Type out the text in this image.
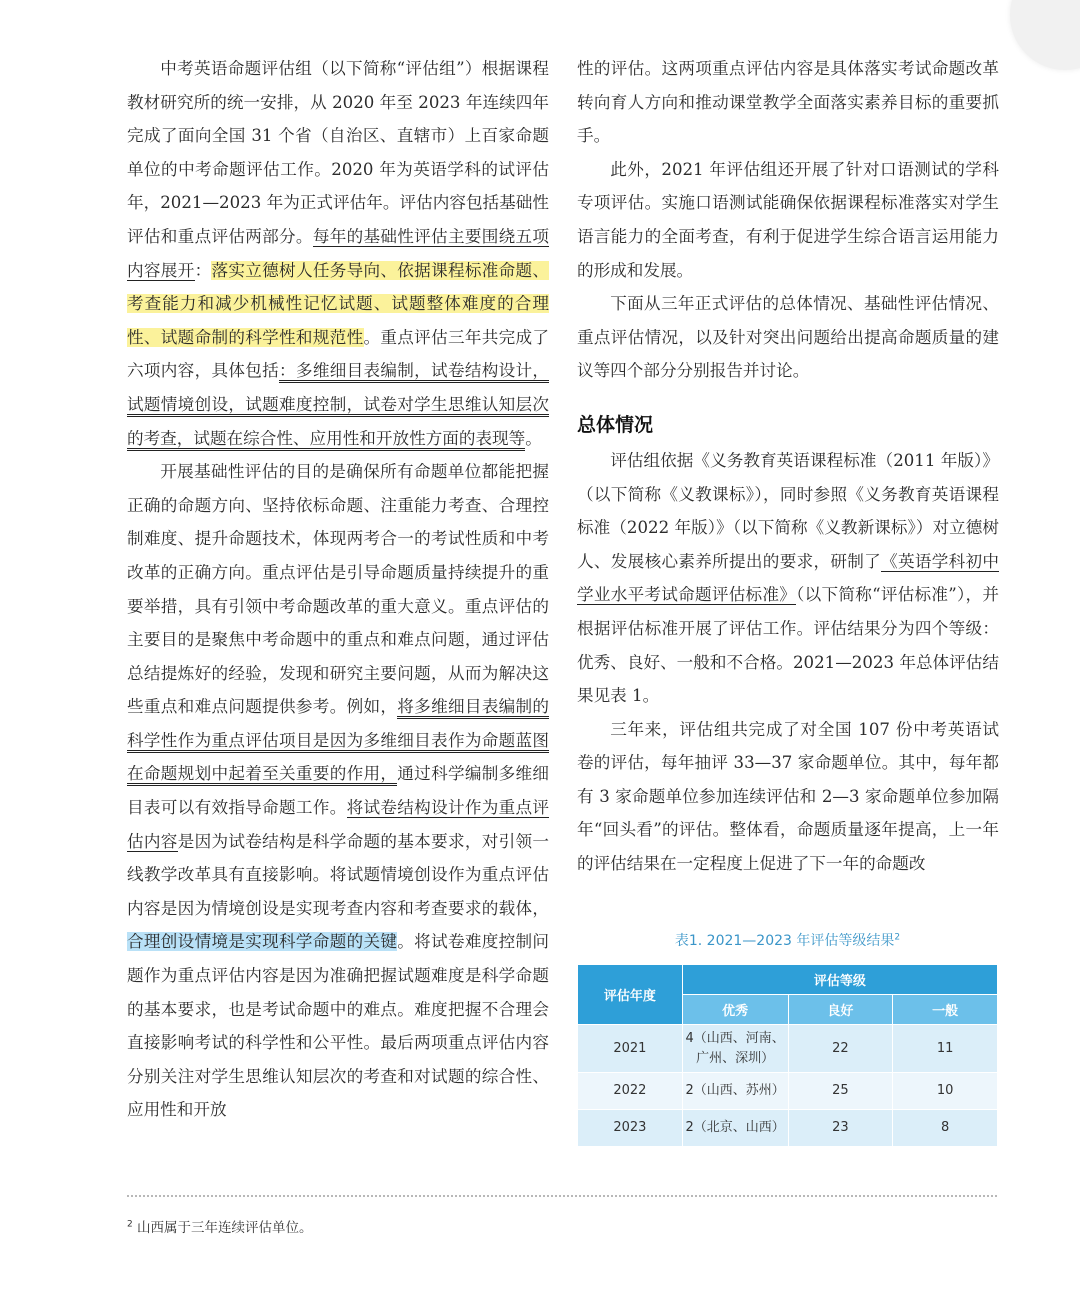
中考英语命题评估组（以下简称“评估组”）根据课程教材研究所的统一安排，从 2020 年至 2023 年连续四年完成了面向全国 31 个省（自治区、直辖市）上百家命题单位的中考命题评估工作。2020 年为英语学科的试评估年，2021—2023 年为正式评估年。评估内容包括基础性评估和重点评估两部分。每年的基础性评估主要围绕五项内容展开：落实立德树人任务导向、依据课程标准命题、考查能力和减少机械性记忆试题、试题整体难度的合理性、试题命制的科学性和规范性。重点评估三年共完成了六项内容，具体包括：多维细目表编制，试卷结构设计，试题情境创设，试题难度控制，试卷对学生思维认知层次的考查，试题在综合性、应用性和开放性方面的表现等。

开展基础性评估的目的是确保所有命题单位都能把握正确的命题方向、坚持依标命题、注重能力考查、合理控制难度、提升命题技术，体现两考合一的考试性质和中考改革的正确方向。重点评估是引导命题质量持续提升的重要举措，具有引领中考命题改革的重大意义。重点评估的主要目的是聚焦中考命题中的重点和难点问题，通过评估总结提炼好的经验，发现和研究主要问题，从而为解决这些重点和难点问题提供参考。例如，将多维细目表编制的科学性作为重点评估项目是因为多维细目表作为命题蓝图在命题规划中起着至关重要的作用，通过科学编制多维细目表可以有效指导命题工作。将试卷结构设计作为重点评估内容是因为试卷结构是科学命题的基本要求，对引领一线教学改革具有直接影响。将试题情境创设作为重点评估内容是因为情境创设是实现考查内容和考查要求的载体，合理创设情境是实现科学命题的关键。将试卷难度控制问题作为重点评估内容是因为准确把握试题难度是科学命题的基本要求，也是考试命题中的难点。难度把握不合理会直接影响考试的科学性和公平性。最后两项重点评估内容分别关注对学生思维认知层次的考查和对试题的综合性、应用性和开放

性的评估。这两项重点评估内容是具体落实考试命题改革转向育人方向和推动课堂教学全面落实素养目标的重要抓手。

此外，2021 年评估组还开展了针对口语测试的学科专项评估。实施口语测试能确保依据课程标准落实对学生语言能力的全面考查，有利于促进学生综合语言运用能力的形成和发展。

下面从三年正式评估的总体情况、基础性评估情况、重点评估情况，以及针对突出问题给出提高命题质量的建议等四个部分分别报告并讨论。

总体情况

评估组依据《义务教育英语课程标准（2011 年版）》（以下简称《义教课标》），同时参照《义务教育英语课程标准（2022 年版）》（以下简称《义教新课标》）对立德树人、发展核心素养所提出的要求，研制了《英语学科初中学业水平考试命题评估标准》（以下简称“评估标准”），并根据评估标准开展了评估工作。评估结果分为四个等级：优秀、良好、一般和不合格。2021—2023 年总体评估结果见表 1。

三年来，评估组共完成了对全国 107 份中考英语试卷的评估，每年抽评 33—37 家命题单位。其中，每年都有 3 家命题单位参加连续评估和 2—3 家命题单位参加隔年“回头看”的评估。整体看，命题质量逐年提高，上一年的评估结果在一定程度上促进了下一年的命题改

表1. 2021—2023 年评估等级结果$^2$
评估年度	评估等级		
	优秀	良好	一般
2021	4（山西、河南、
广州、深圳）	22	11
2022	2（山西、苏州）	25	10
2023	2（北京、山西）	23	8
$^2$ 山西属于三年连续评估单位。
